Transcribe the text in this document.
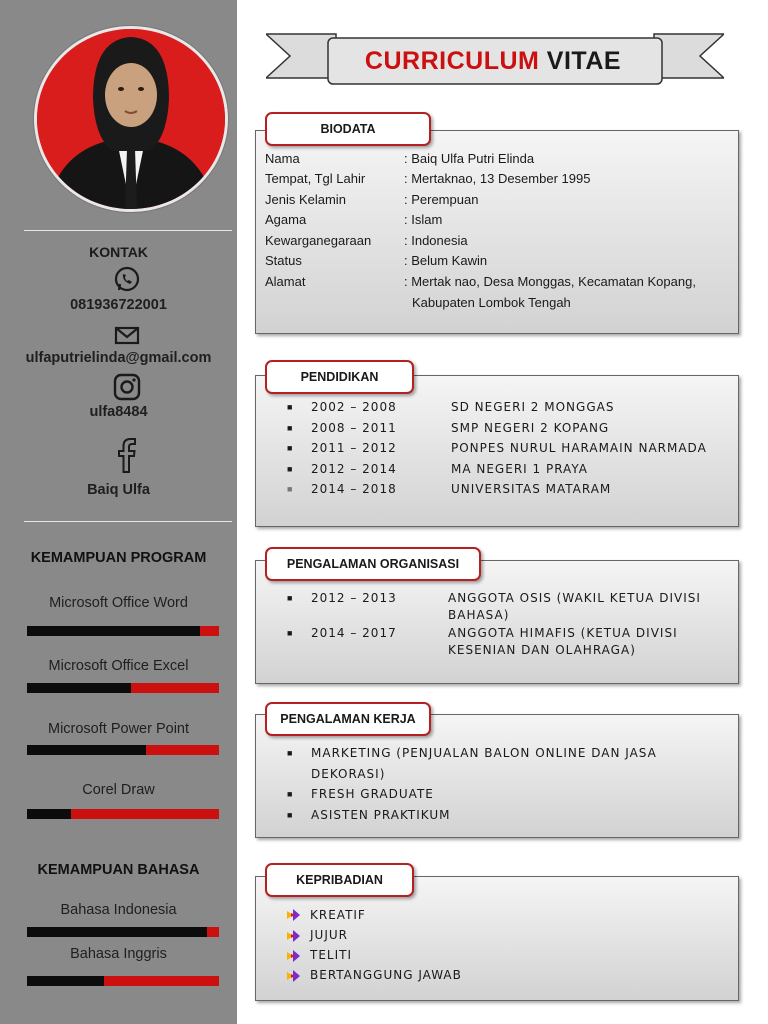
KONTAK
081936722001
ulfaputrielinda@gmail.com
ulfa8484
Baiq Ulfa
KEMAMPUAN PROGRAM
Microsoft Office Word
Microsoft Office Excel
Microsoft Power Point
Corel Draw
KEMAMPUAN BAHASA
Bahasa Indonesia
Bahasa Inggris
CURRICULUM VITAE
BIODATA
Nama	: Baiq Ulfa Putri Elinda
Tempat, Tgl Lahir	: Mertaknao, 13 Desember 1995
Jenis Kelamin	: Perempuan
Agama	: Islam
Kewarganegaraan	: Indonesia
Status	: Belum Kawin
Alamat	: Mertak nao, Desa Monggas, Kecamatan Kopang,
Kabupaten Lombok Tengah
PENDIDIKAN
■ 2002 – 2008	SD NEGERI 2 MONGGAS
■ 2008 – 2011	SMP NEGERI 2 KOPANG
■ 2011 – 2012	PONPES NURUL HARAMAIN NARMADA
■ 2012 – 2014	MA NEGERI 1 PRAYA
■ 2014 – 2018	UNIVERSITAS MATARAM
PENGALAMAN ORGANISASI
■ 2012 – 2013	ANGGOTA OSIS (WAKIL KETUA DIVISI
BAHASA)
■ 2014 – 2017	ANGGOTA HIMAFIS (KETUA DIVISI
KESENIAN DAN OLAHRAGA)
PENGALAMAN KERJA
■ MARKETING (PENJUALAN BALON ONLINE DAN JASA
DEKORASI)
■ FRESH GRADUATE
■ ASISTEN PRAKTIKUM
KEPRIBADIAN
KREATIF
JUJUR
TELITI
BERTANGGUNG JAWAB
